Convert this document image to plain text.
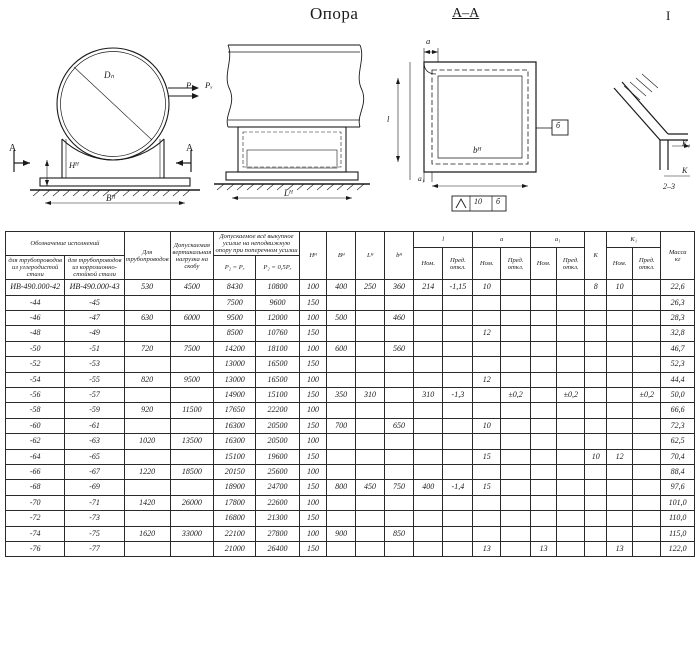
Опора	А–А	I
Dₙ
P₂ Pₓ
Hᴴ
Bᴴ
А	А
Lᴴ
а
l
bᴴ
a₁
б
10 б
K₁
K
2–3
Обозначение исполнений		Для трубопроводов	Допускаемая вертикальная нагрузка на скобу	Допускаемое всё выкупное усилие на неподвижную опору при поперечном усилии		Hᴴ	Bᴴ	Lᴴ	bᴴ	l		a		a₁		K	K₁		Масса
кг

										Ном.	Пред. откл.	Ном.	Пред. откл.	Ном.	Пред. откл.		Ном.	Пред. откл.	
для трубопроводов из углеродистой стали	для трубопроводов из коррозионно-стойкой стали			P₂ = Pₓ	P₂ = 0,5Pₓ														
ИВ-490.000-42	ИВ-490.000-43	530	4500	8430	10800	100	400	250	360	214	-1,15	10				8	10		22,6
-44	-45			7500	9600	150													26,3
-46	-47	630	6000	9500	12000	100	500		460										28,3
-48	-49			8500	10760	150						12							32,8
-50	-51	720	7500	14200	18100	100	600		560										46,7
-52	-53			13000	16500	150													52,3
-54	-55	820	9500	13000	16500	100						12							44,4
-56	-57			14900	15100	150	350	310		310	-1,3		±0,2		±0,2			±0,2	50,0
-58	-59	920	11500	17650	22200	100													66,6
-60	-61			16300	20500	150	700		650			10							72,3
-62	-63	1020	13500	16300	20500	100													62,5
-64	-65			15100	19600	150						15				10	12		70,4
-66	-67	1220	18500	20150	25600	100													88,4
-68	-69			18900	24700	150	800	450	750	400	-1,4	15							97,6
-70	-71	1420	26000	17800	22600	100													101,0
-72	-73			16800	21300	150													110,0
-74	-75	1620	33000	22100	27800	100	900		850										115,0
-76	-77			21000	26400	150						13		13			13		122,0
